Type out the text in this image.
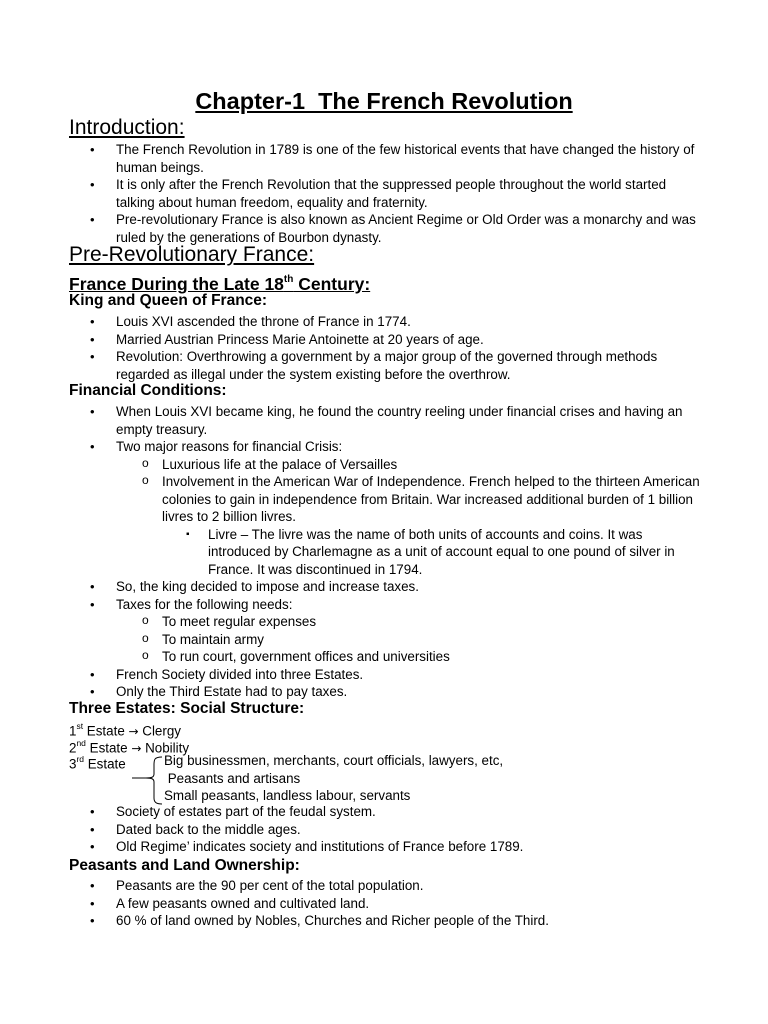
Chapter-1  The French Revolution
Introduction:
• The French Revolution in 1789 is one of the few historical events that have changed the history of human beings.
• It is only after the French Revolution that the suppressed people throughout the world started talking about human freedom, equality and fraternity.
• Pre-revolutionary France is also known as Ancient Regime or Old Order was a monarchy and was ruled by the generations of Bourbon dynasty.
Pre-Revolutionary France:
France During the Late 18th Century:
King and Queen of France:
• Louis XVI ascended the throne of France in 1774.
• Married Austrian Princess Marie Antoinette at 20 years of age.
• Revolution: Overthrowing a government by a major group of the governed through methods regarded as illegal under the system existing before the overthrow.
Financial Conditions:
• When Louis XVI became king, he found the country reeling under financial crises and having an empty treasury.
• Two major reasons for financial Crisis:
o Luxurious life at the palace of Versailles
o Involvement in the American War of Independence. French helped to the thirteen American colonies to gain in independence from Britain. War increased additional burden of 1 billion livres to 2 billion livres.
▪ Livre – The livre was the name of both units of accounts and coins. It was introduced by Charlemagne as a unit of account equal to one pound of silver in France. It was discontinued in 1794.
• So, the king decided to impose and increase taxes.
• Taxes for the following needs:
o To meet regular expenses
o To maintain army
o To run court, government offices and universities
• French Society divided into three Estates.
• Only the Third Estate had to pay taxes.
Three Estates: Social Structure:
1st Estate → Clergy
2nd Estate → Nobility
3rd Estate	Big businessmen, merchants, court officials, lawyers, etc,
Peasants and artisans
Small peasants, landless labour, servants
• Society of estates part of the feudal system.
• Dated back to the middle ages.
• Old Regime’ indicates society and institutions of France before 1789.
Peasants and Land Ownership:
• Peasants are the 90 per cent of the total population.
• A few peasants owned and cultivated land.
• 60 % of land owned by Nobles, Churches and Richer people of the Third.
